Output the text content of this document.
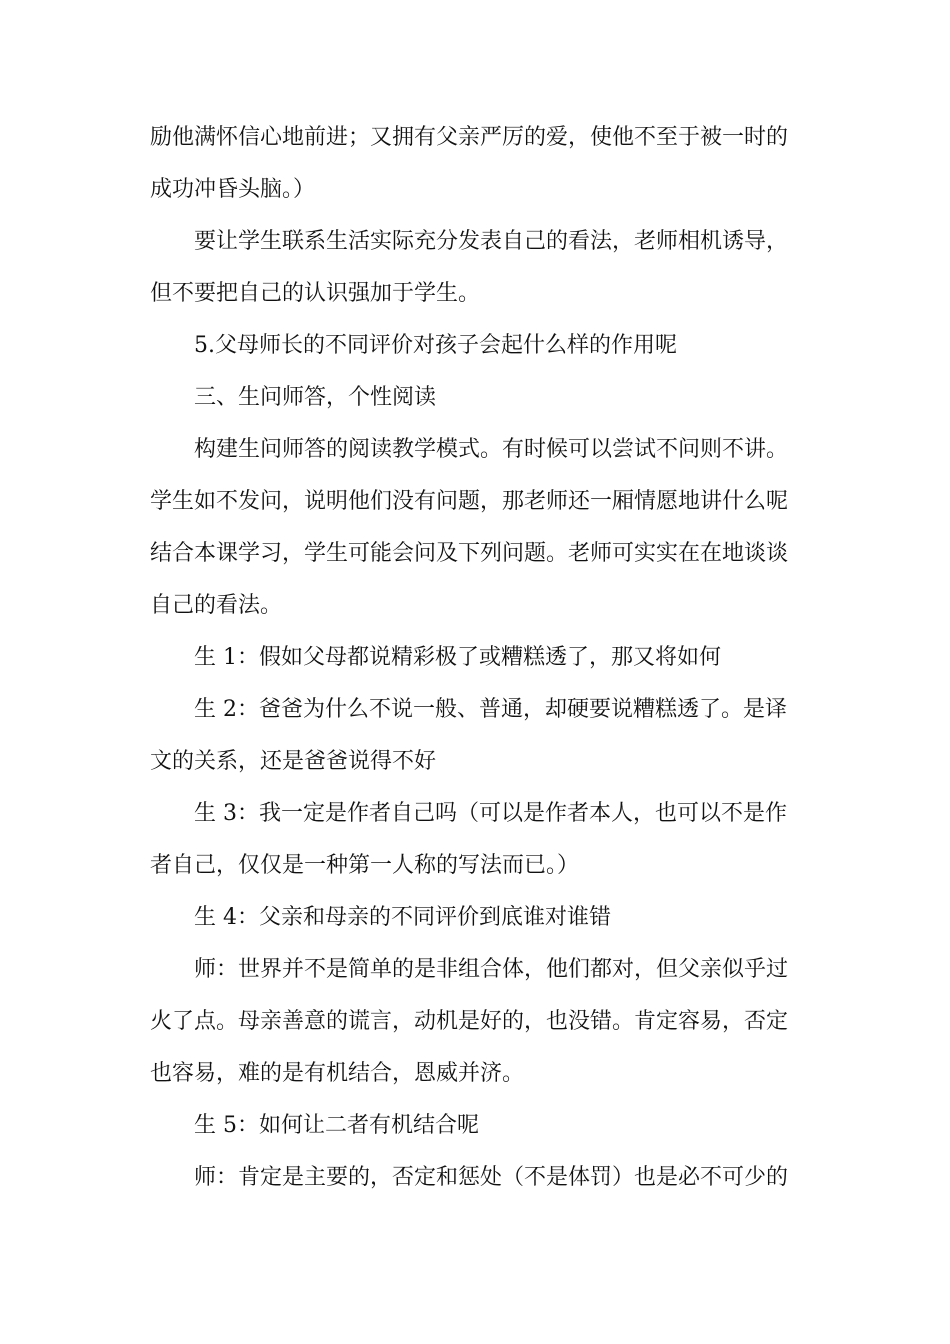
励他满怀信心地前进；又拥有父亲严厉的爱，使他不至于被一时的
成功冲昏头脑。）
要让学生联系生活实际充分发表自己的看法，老师相机诱导，
但不要把自己的认识强加于学生。
5.父母师长的不同评价对孩子会起什么样的作用呢
三、生问师答，个性阅读
构建生问师答的阅读教学模式。有时候可以尝试不问则不讲。
学生如不发问，说明他们没有问题，那老师还一厢情愿地讲什么呢
结合本课学习，学生可能会问及下列问题。老师可实实在在地谈谈
自己的看法。
生 1：假如父母都说精彩极了或糟糕透了，那又将如何
生 2：爸爸为什么不说一般、普通，却硬要说糟糕透了。是译
文的关系，还是爸爸说得不好
生 3：我一定是作者自己吗（可以是作者本人，也可以不是作
者自己，仅仅是一种第一人称的写法而已。）
生 4：父亲和母亲的不同评价到底谁对谁错
师：世界并不是简单的是非组合体，他们都对，但父亲似乎过
火了点。母亲善意的谎言，动机是好的，也没错。肯定容易，否定
也容易，难的是有机结合，恩威并济。
生 5：如何让二者有机结合呢
师：肯定是主要的，否定和惩处（不是体罚）也是必不可少的
